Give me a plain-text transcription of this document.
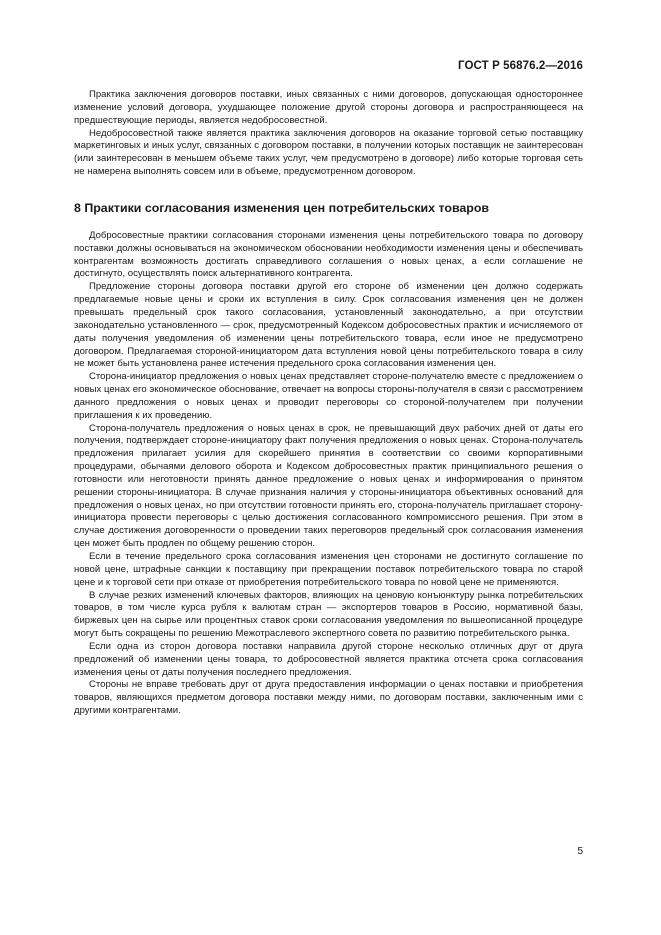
ГОСТ Р 56876.2—2016

Практика заключения договоров поставки, иных связанных с ними договоров, допускающая одностороннее изменение условий договора, ухудшающее положение другой стороны договора и распространяющееся на предшествующие периоды, является недобросовестной.

Недобросовестной также является практика заключения договоров на оказание торговой сетью поставщику маркетинговых и иных услуг, связанных с договором поставки, в получении которых поставщик не заинтересован (или заинтересован в меньшем объеме таких услуг, чем предусмотрено в договоре) либо которые торговая сеть не намерена выполнять совсем или в объеме, предусмотренном договором.

8 Практики согласования изменения цен потребительских товаров

Добросовестные практики согласования сторонами изменения цены потребительского товара по договору поставки должны основываться на экономическом обосновании необходимости изменения цены и обеспечивать контрагентам возможность достигать справедливого соглашения о новых ценах, а если соглашение не достигнуто, осуществлять поиск альтернативного контрагента.

Предложение стороны договора поставки другой его стороне об изменении цен должно содержать предлагаемые новые цены и сроки их вступления в силу. Срок согласования изменения цен не должен превышать предельный срок такого согласования, установленный законодательно, а при отсутствии законодательно установленного — срок, предусмотренный Кодексом добросовестных практик и исчисляемого от даты получения уведомления об изменении цены потребительского товара, если иное не предусмотрено договором. Предлагаемая стороной-инициатором дата вступления новой цены потребительского товара в силу не может быть установлена ранее истечения предельного срока согласования изменения цен.

Сторона-инициатор предложения о новых ценах представляет стороне-получателю вместе с предложением о новых ценах его экономическое обоснование, отвечает на вопросы стороны-получателя в связи с рассмотрением данного предложения о новых ценах и проводит переговоры со стороной-получателем при получении приглашения к их проведению.

Сторона-получатель предложения о новых ценах в срок, не превышающий двух рабочих дней от даты его получения, подтверждает стороне-инициатору факт получения предложения о новых ценах. Сторона-получатель предложения прилагает усилия для скорейшего принятия в соответствии со своими корпоративными процедурами, обычаями делового оборота и Кодексом добросовестных практик принципиального решения о готовности или неготовности принять данное предложение о новых ценах и информирования о принятом решении стороны-инициатора. В случае признания наличия у стороны-инициатора объективных оснований для предложения о новых ценах, но при отсутствии готовности принять его, сторона-получатель приглашает сторону-инициатора провести переговоры с целью достижения согласованного компромиссного решения. При этом в случае достижения договоренности о проведении таких переговоров предельный срок согласования изменения цен может быть продлен по общему решению сторон.

Если в течение предельного срока согласования изменения цен сторонами не достигнуто соглашение по новой цене, штрафные санкции к поставщику при прекращении поставок потребительского товара по старой цене и к торговой сети при отказе от приобретения потребительского товара по новой цене не применяются.

В случае резких изменений ключевых факторов, влияющих на ценовую конъюнктуру рынка потребительских товаров, в том числе курса рубля к валютам стран — экспортеров товаров в Россию, нормативной базы, биржевых цен на сырье или процентных ставок сроки согласования уведомления по вышеописанной процедуре могут быть сокращены по решению Межотраслевого экспертного совета по развитию потребительского рынка.

Если одна из сторон договора поставки направила другой стороне несколько отличных друг от друга предложений об изменении цены товара, то добросовестной является практика отсчета срока согласования изменения цены от даты получения последнего предложения.

Стороны не вправе требовать друг от друга предоставления информации о ценах поставки и приобретения товаров, являющихся предметом договора поставки между ними, по договорам поставки, заключенным ими с другими контрагентами.

5
